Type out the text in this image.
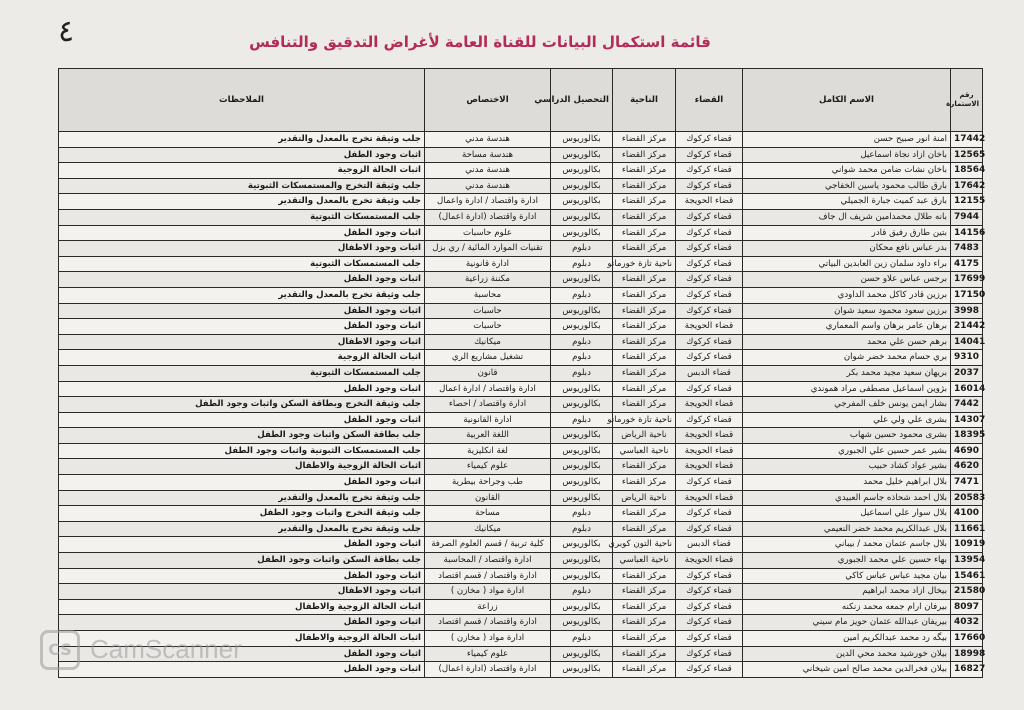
٤	قائمة استكمال البيانات للقناة العامة لأغراض التدقيق والتنافس
رقم الاستمارة	الاسم الكامل	القضاء	الناحية	التحصيل الدراسي	الاختصاص	الملاحظات
17442	امنة انور صبيح حسن	قضاء كركوك	مركز القضاء	بكالوريوس	هندسة مدني	جلب وثيقة تخرج بالمعدل والتقدير
12565	باخان ازاد نجاة اسماعيل	قضاء كركوك	مركز القضاء	بكالوريوس	هندسة مساحة	اثبات وجود الطفل
18564	باخان نشات ضامن محمد شواني	قضاء كركوك	مركز القضاء	بكالوريوس	هندسة مدني	اثبات الحالة الزوجية
17642	بارق طالب محمود ياسين الخفاجي	قضاء كركوك	مركز القضاء	بكالوريوس	هندسة مدني	جلب وثيقة التخرج والمستمسكات الثبوتية
12155	بارق عبد كميت جبارة الجميلي	قضاء الحويجة	مركز القضاء	بكالوريوس	ادارة واقتصاد / ادارة واعمال	جلب وثيقة تخرج بالمعدل والتقدير
7944	بانه طلال محمدامين شريف ال جاف	قضاء كركوك	مركز القضاء	بكالوريوس	ادارة واقتصاد (ادارة اعمال)	جلب المستمسكات الثبوتية
14156	بتين طارق رفيق قادر	قضاء كركوك	مركز القضاء	بكالوريوس	علوم حاسبات	اثبات وجود الطفل
7483	بدر عباس نافع محكان	قضاء كركوك	مركز القضاء	دبلوم	تقنيات الموارد المائية / ري بزل	اثبات وجود الاطفال
4175	براء داود سلمان زين العابدين البياتي	قضاء كركوك	ناحية تازة خورماتو	دبلوم	ادارة قانونية	جلب المستمسكات الثبوتية
17699	برجس عباس علاو حسن	قضاء كركوك	مركز القضاء	بكالوريوس	مكننة زراعية	اثبات وجود الطفل
17150	برزين قادر كاكل محمد الداودي	قضاء كركوك	مركز القضاء	دبلوم	محاسبة	جلب وثيقة تخرج بالمعدل والتقدير
3998	برزين سعود محمود سعيد شوان	قضاء كركوك	مركز القضاء	بكالوريوس	حاسبات	اثبات وجود الطفل
21442	برهان عامر برهان واسم المعماري	قضاء الحويجة	مركز القضاء	بكالوريوس	حاسبات	اثبات وجود الطفل
14041	برهم حسن علي محمد	قضاء كركوك	مركز القضاء	دبلوم	ميكانيك	اثبات وجود الاطفال
9310	بري حسام محمد خضر شوان	قضاء كركوك	مركز القضاء	دبلوم	تشغيل مشاريع الري	اثبات الحالة الزوجية
2037	بريهان سعيد مجيد محمد بكر	قضاء الدبس	مركز القضاء	دبلوم	قانون	جلب المستمسكات الثبوتية
16014	بژوين اسماعيل مصطفى مراد هموندي	قضاء كركوك	مركز القضاء	بكالوريوس	ادارة واقتصاد / ادارة اعمال	اثبات وجود الطفل
7442	بشار ايمن يونس خلف المفرجي	قضاء الحويجة	مركز القضاء	بكالوريوس	ادارة واقتصاد / احصاء	جلب وثيقة التخرج وبطاقة السكن واثبات وجود الطفل
14307	بشرى علي ولي علي	قضاء كركوك	ناحية تازة خورماتو	دبلوم	ادارة القانونية	اثبات وجود الطفل
18395	بشرى محمود حسين شهاب	قضاء الحويجة	ناحية الرياض	بكالوريوس	اللغة العربية	جلب بطاقة السكن واثبات وجود الطفل
4690	بشير عمر حسين علي الجبوري	قضاء الحويجة	ناحية العباسي	بكالوريوس	لغة انكليزية	جلب المستمسكات الثبوتية واثبات وجود الطفل
4620	بشير عواد كشاد حبيب	قضاء الحويجة	مركز القضاء	بكالوريوس	علوم كيمياء	اثبات الحالة الزوجية والاطفال
7471	بلال ابراهيم خليل محمد	قضاء كركوك	مركز القضاء	بكالوريوس	طب وجراحة بيطرية	اثبات وجود الطفل
20583	بلال احمد شحاذه جاسم العبيدي	قضاء الحويجة	ناحية الرياض	بكالوريوس	القانون	جلب وثيقة تخرج بالمعدل والتقدير
4100	بلال سوار علي اسماعيل	قضاء كركوك	مركز القضاء	دبلوم	مساحة	جلب وثيقة التخرج واثبات وجود الطفل
11661	بلال عبدالكريم محمد خضر النعيمي	قضاء كركوك	مركز القضاء	دبلوم	ميكانيك	جلب وثيقة تخرج بالمعدل والتقدير
10919	بلال جاسم عثمان محمد / بيباني	قضاء الدبس	ناحية التون كوبري	بكالوريوس	كلية تربية / قسم العلوم الصرفة	اثبات وجود الطفل
13954	بهاء حسين علي محمد الجبوري	قضاء الحويجة	ناحية العباسي	بكالوريوس	ادارة واقتصاد / المحاسبة	جلب بطاقة السكن واثبات وجود الطفل
15461	بيان مجيد عباس عباس كاكي	قضاء كركوك	مركز القضاء	بكالوريوس	ادارة واقتصاد / قسم اقتصاد	اثبات وجود الطفل
21580	بيخال ازاد محمد ابراهيم	قضاء كركوك	مركز القضاء	دبلوم	ادارة مواد ( مخازن )	اثبات وجود الاطفال
8097	بيرفان ارام جمعه محمد زنكنه	قضاء كركوك	مركز القضاء	بكالوريوس	زراعة	اثبات الحالة الزوجية والاطفال
4032	بيريفان عبدالله عثمان حويز مام سيني	قضاء كركوك	مركز القضاء	بكالوريوس	ادارة واقتصاد / قسم اقتصاد	اثبات وجود الطفل
17660	بيگه رد محمد عبدالكريم امين	قضاء كركوك	مركز القضاء	دبلوم	ادارة مواد ( مخازن )	اثبات الحالة الزوجية والاطفال
18998	بيلان خورشيد محمد محي الدين	قضاء كركوك	مركز القضاء	بكالوريوس	علوم كيمياء	اثبات وجود الطفل
16827	بيلان فخرالدين محمد صالح امين شيخاني	قضاء كركوك	مركز القضاء	بكالوريوس	ادارة واقتصاد (ادارة اعمال)	اثبات وجود الطفل
CS CamScanner
